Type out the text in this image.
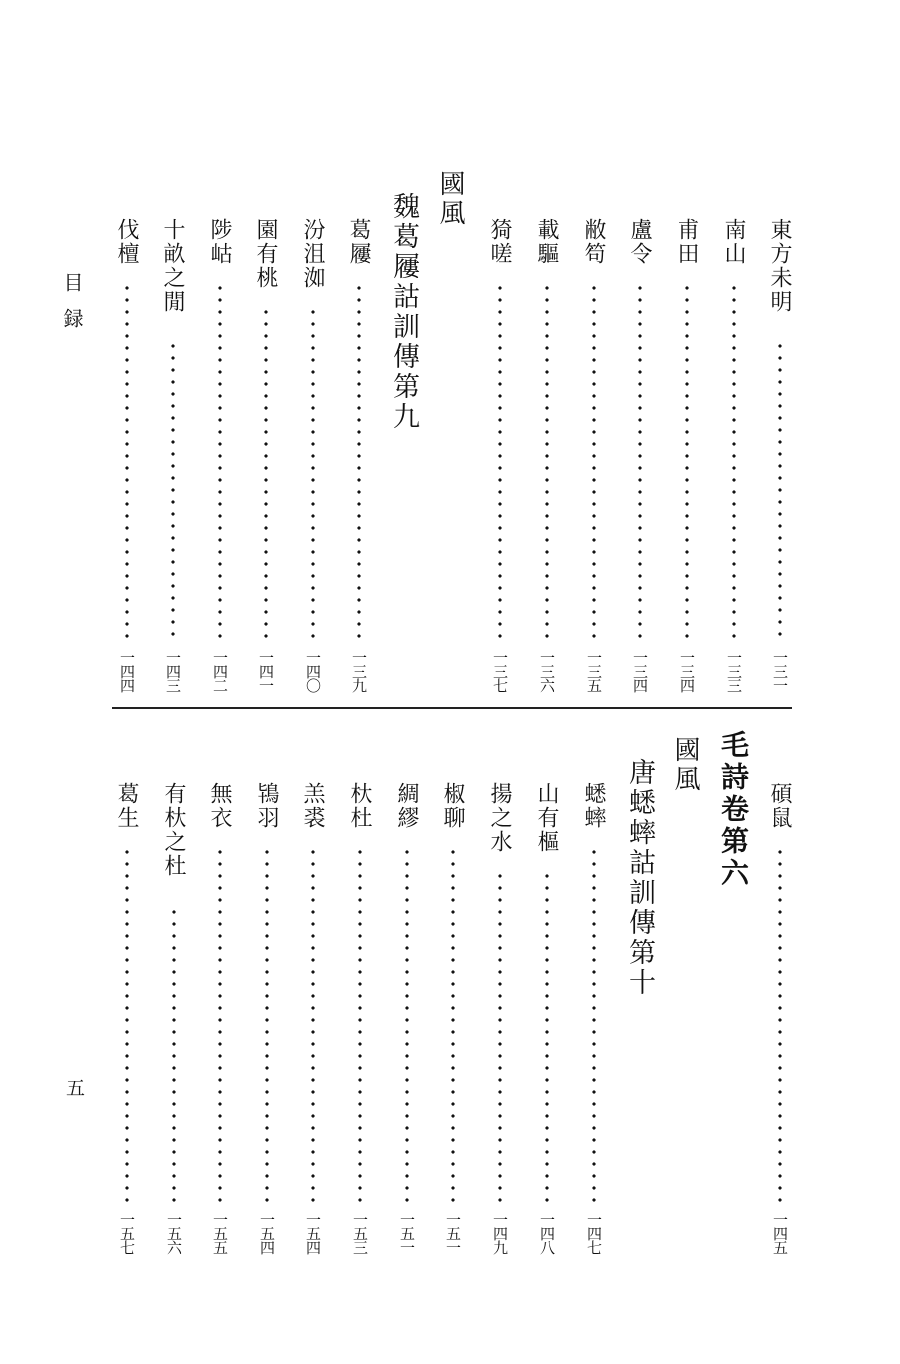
目録
五
東方未明
一三一
南山
一三三
甫田
一三四
盧令
一三四
敝笱
一三五
載驅
一三六
猗嗟
一三七
國風
魏葛屨詁訓傳第九
葛屨
一三九
汾沮洳
一四〇
園有桃
一四一
陟岵
一四二
十畝之閒
一四三
伐檀
一四四
碩鼠
一四五
毛詩卷第六
國風
唐蟋蟀詁訓傳第十
蟋蟀
一四七
山有樞
一四八
揚之水
一四九
椒聊
一五一
綢繆
一五一
杕杜
一五三
羔裘
一五四
鴇羽
一五四
無衣
一五五
有杕之杜
一五六
葛生
一五七
